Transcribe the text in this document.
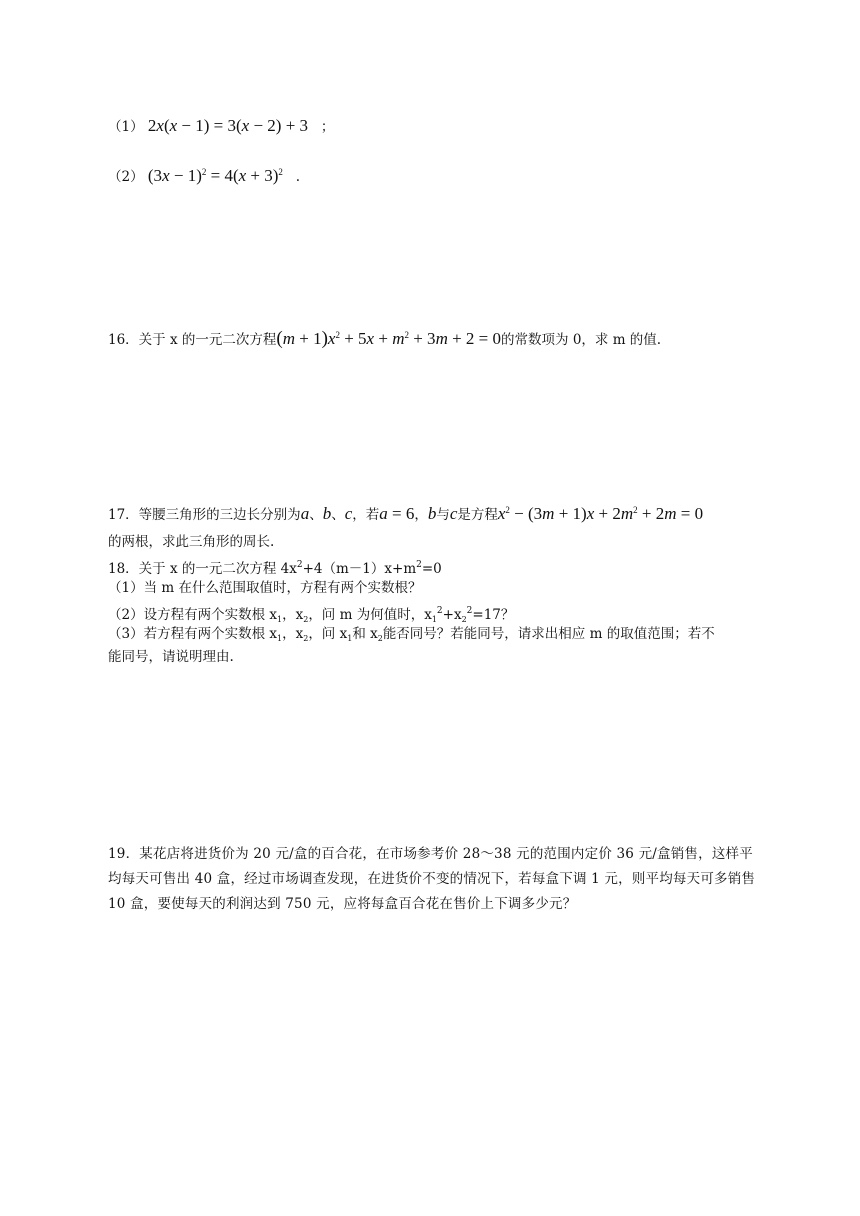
（1） 2x(x − 1) = 3(x − 2) + 3 ；
（2） $(3x - 1)^2 = 4(x + 3)^2$ .
16．关于 x 的一元二次方程$(m + 1)x^2 + 5x + m^2 + 3m + 2 = 0$的常数项为 0，求 m 的值.
17．等腰三角形的三边长分别为a、b、c，若a = 6，b与c是方程$x^2 - (3m + 1)x + 2m^2 + 2m = 0$
的两根，求此三角形的周长.
18．关于 x 的一元二次方程 $4x^2+4(m-1)x+m^2=0$
（1）当 m 在什么范围取值时，方程有两个实数根？
（2）设方程有两个实数根 $x_1$，$x_2$，问 m 为何值时，$x_1^2+x_2^2=17$？
（3）若方程有两个实数根 $x_1$，$x_2$，问 $x_1$和 $x_2$能否同号？若能同号，请求出相应 m 的取值范围；若不
能同号，请说明理由.
19．某花店将进货价为 20 元/盒的百合花，在市场参考价 28～38 元的范围内定价 36 元/盒销售，这样平均每天可售出 40 盒，经过市场调查发现，在进货价不变的情况下，若每盒下调 1 元，则平均每天可多销售 10 盒，要使每天的利润达到 750 元，应将每盒百合花在售价上下调多少元？
